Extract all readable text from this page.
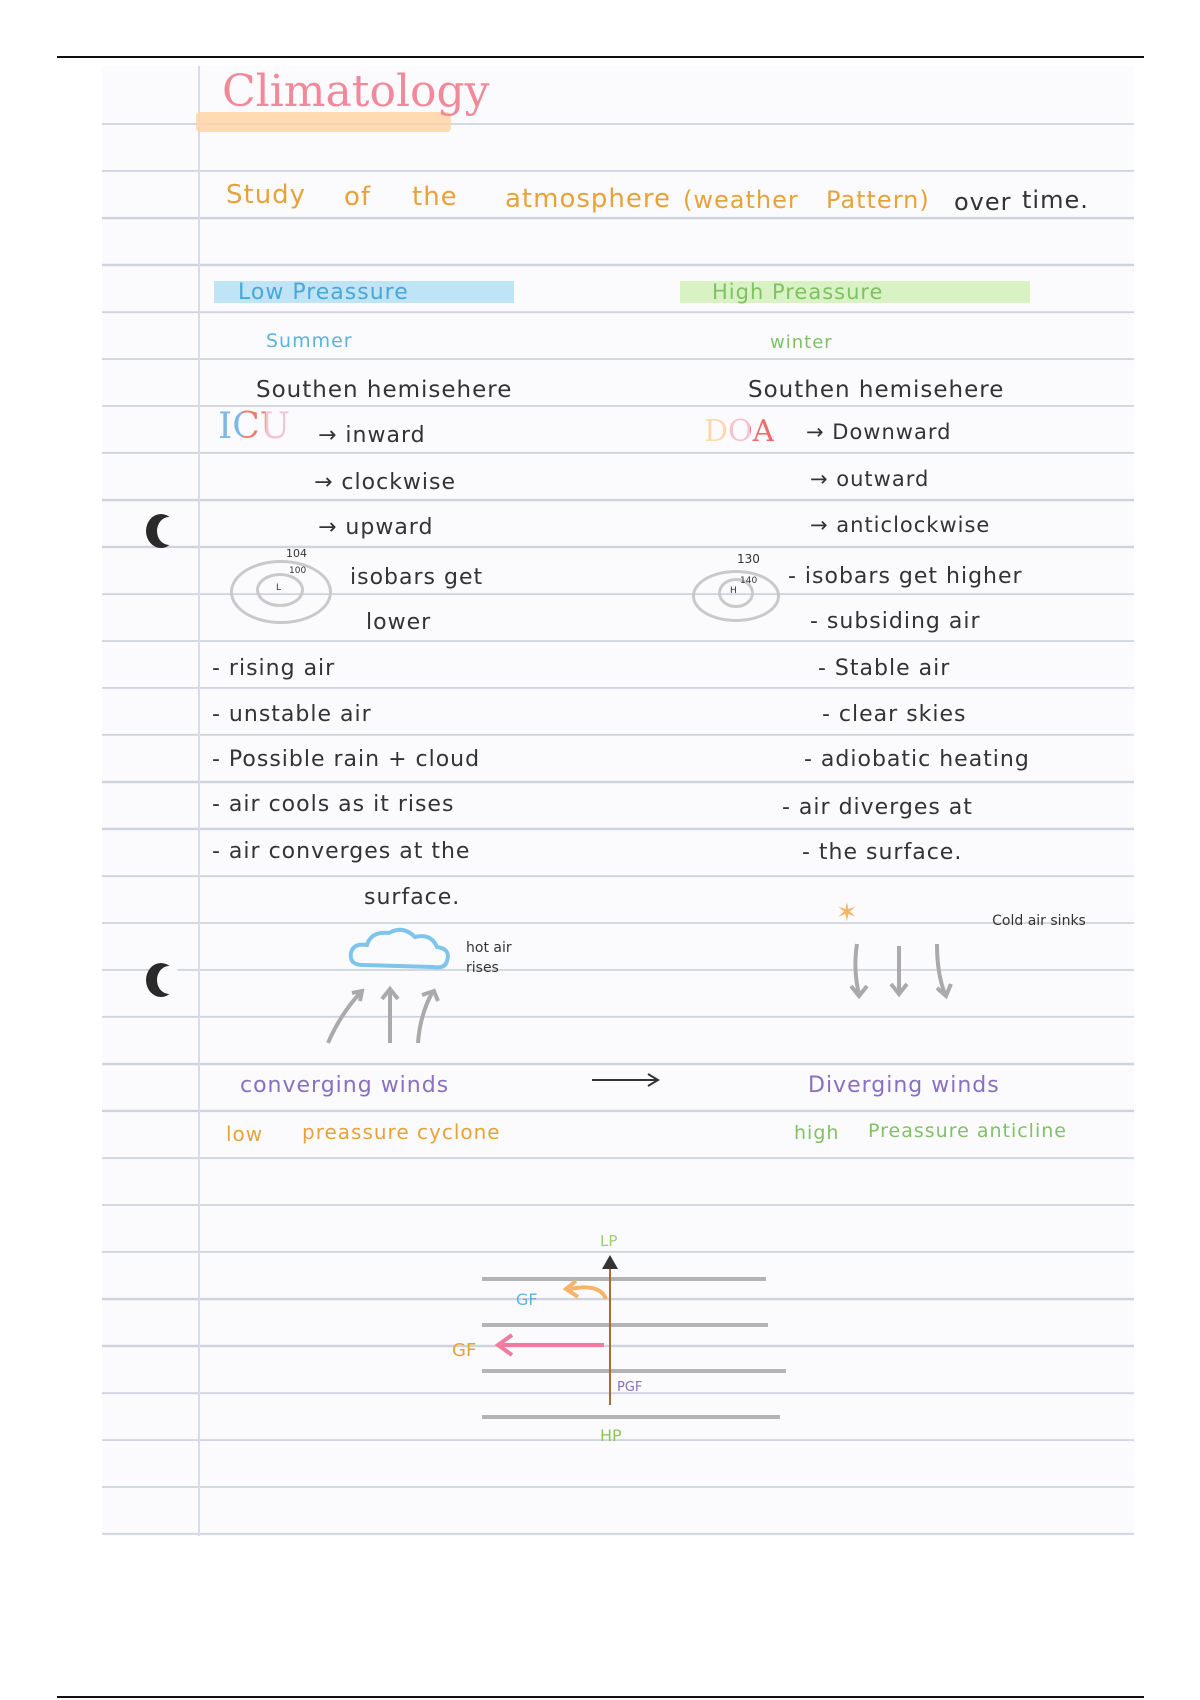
Climatology
Study of the atmosphere (weather Pattern) over time.
Low Preassure
Summer
Southen hemisehere
ICU → inward
→ clockwise
→ upward
104
100
L	isobars get
lower
- rising air
- unstable air
- Possible rain + cloud
- air cools as it rises
- air converges at the
surface.
hot air rises
converging winds
low preassure cyclone
High Preassure
winter
Southen hemisehere
DOA → Downward
→ outward
→ anticlockwise
130
140
H
- isobars get higher
- subsiding air
- Stable air
- clear skies
- adiobatic heating
- air diverges at
- the surface.
✶	Cold air sinks
Diverging winds
high Preassure anticline
LP
HP
GF
GF
PGF
